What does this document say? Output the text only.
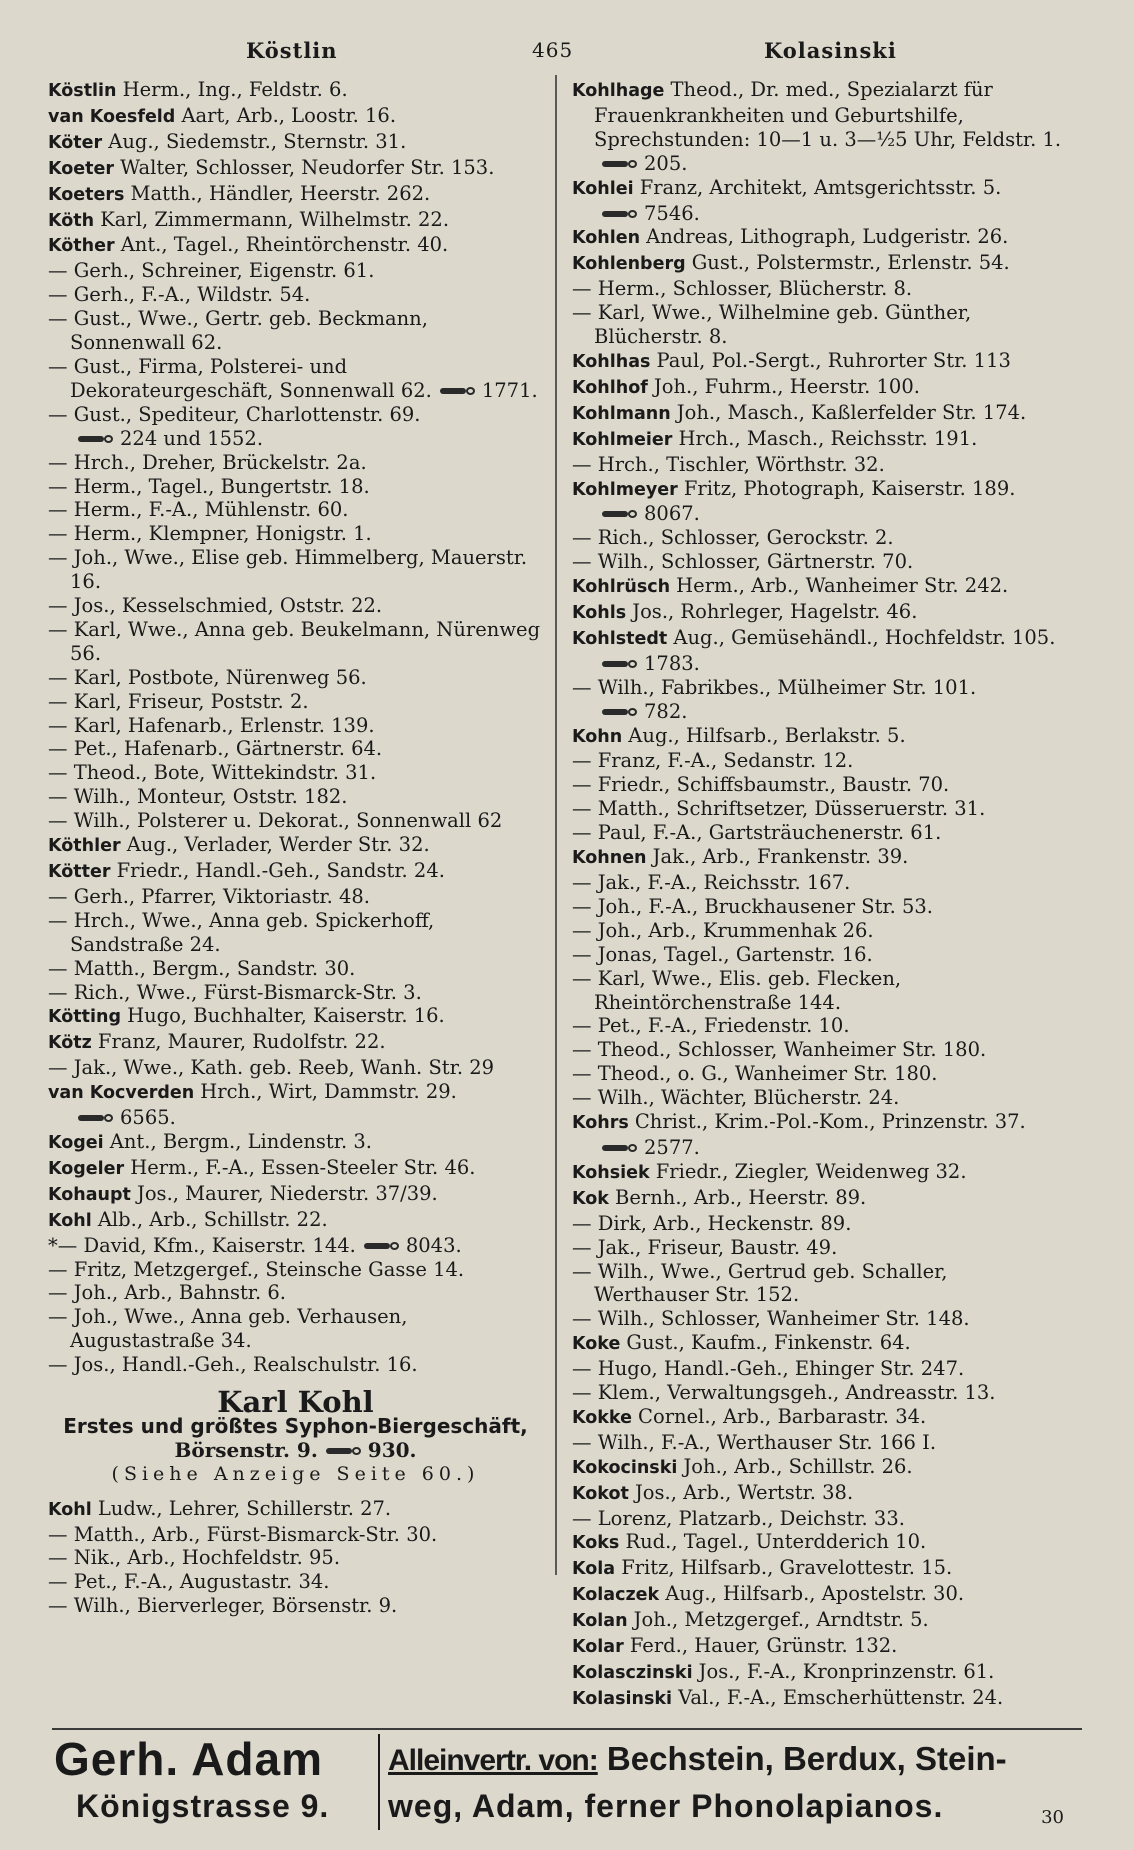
Köstlin	465	Kolasinski
Köstlin Herm., Ing., Feldstr. 6.
van Koesfeld Aart, Arb., Loostr. 16.
Köter Aug., Siedemstr., Sternstr. 31.
Koeter Walter, Schlosser, Neudorfer Str. 153.
Koeters Matth., Händler, Heerstr. 262.
Köth Karl, Zimmermann, Wilhelmstr. 22.
Köther Ant., Tagel., Rheintörchenstr. 40.
— Gerh., Schreiner, Eigenstr. 61.
— Gerh., F.-A., Wildstr. 54.
— Gust., Wwe., Gertr. geb. Beckmann, Sonnenwall 62.
— Gust., Firma, Polsterei- und Dekorateurgeschäft, Sonnenwall 62.	1771.
— Gust., Spediteur, Charlottenstr. 69.
224 und 1552.
— Hrch., Dreher, Brückelstr. 2a.
— Herm., Tagel., Bungertstr. 18.
— Herm., F.-A., Mühlenstr. 60.
— Herm., Klempner, Honigstr. 1.
— Joh., Wwe., Elise geb. Himmelberg, Mauerstr. 16.
— Jos., Kesselschmied, Oststr. 22.
— Karl, Wwe., Anna geb. Beukelmann, Nürenweg 56.
— Karl, Postbote, Nürenweg 56.
— Karl, Friseur, Poststr. 2.
— Karl, Hafenarb., Erlenstr. 139.
— Pet., Hafenarb., Gärtnerstr. 64.
— Theod., Bote, Wittekindstr. 31.
— Wilh., Monteur, Oststr. 182.
— Wilh., Polsterer u. Dekorat., Sonnenwall 62
Köthler Aug., Verlader, Werder Str. 32.
Kötter Friedr., Handl.-Geh., Sandstr. 24.
— Gerh., Pfarrer, Viktoriastr. 48.
— Hrch., Wwe., Anna geb. Spickerhoff, Sandstraße 24.
— Matth., Bergm., Sandstr. 30.
— Rich., Wwe., Fürst-Bismarck-Str. 3.
Kötting Hugo, Buchhalter, Kaiserstr. 16.
Kötz Franz, Maurer, Rudolfstr. 22.
— Jak., Wwe., Kath. geb. Reeb, Wanh. Str. 29
van Kocverden Hrch., Wirt, Dammstr. 29.
6565.
Kogei Ant., Bergm., Lindenstr. 3.
Kogeler Herm., F.-A., Essen-Steeler Str. 46.
Kohaupt Jos., Maurer, Niederstr. 37/39.
Kohl Alb., Arb., Schillstr. 22.
*— David, Kfm., Kaiserstr. 144.	8043.
— Fritz, Metzgergef., Steinsche Gasse 14.
— Joh., Arb., Bahnstr. 6.
— Joh., Wwe., Anna geb. Verhausen, Augustastraße 34.
— Jos., Handl.-Geh., Realschulstr. 16.
Karl Kohl
Erstes und größtes Syphon-Biergeschäft,
Börsenstr. 9.	930.
(Siehe Anzeige Seite 60.)
Kohl Ludw., Lehrer, Schillerstr. 27.
— Matth., Arb., Fürst-Bismarck-Str. 30.
— Nik., Arb., Hochfeldstr. 95.
— Pet., F.-A., Augustastr. 34.
— Wilh., Bierverleger, Börsenstr. 9.
Kohlhage Theod., Dr. med., Spezialarzt für Frauenkrankheiten und Geburtshilfe, Sprechstunden: 10—1 u. 3—½5 Uhr, Feldstr. 1.205.
Kohlei Franz, Architekt, Amtsgerichtsstr. 5.
7546.
Kohlen Andreas, Lithograph, Ludgeristr. 26.
Kohlenberg Gust., Polstermstr., Erlenstr. 54.
— Herm., Schlosser, Blücherstr. 8.
— Karl, Wwe., Wilhelmine geb. Günther, Blücherstr. 8.
Kohlhas Paul, Pol.-Sergt., Ruhrorter Str. 113
Kohlhof Joh., Fuhrm., Heerstr. 100.
Kohlmann Joh., Masch., Kaßlerfelder Str. 174.
Kohlmeier Hrch., Masch., Reichsstr. 191.
— Hrch., Tischler, Wörthstr. 32.
Kohlmeyer Fritz, Photograph, Kaiserstr. 189.
8067.
— Rich., Schlosser, Gerockstr. 2.
— Wilh., Schlosser, Gärtnerstr. 70.
Kohlrüsch Herm., Arb., Wanheimer Str. 242.
Kohls Jos., Rohrleger, Hagelstr. 46.
Kohlstedt Aug., Gemüsehändl., Hochfeldstr. 105.
1783.
— Wilh., Fabrikbes., Mülheimer Str. 101.
782.
Kohn Aug., Hilfsarb., Berlakstr. 5.
— Franz, F.-A., Sedanstr. 12.
— Friedr., Schiffsbaumstr., Baustr. 70.
— Matth., Schriftsetzer, Düsseruerstr. 31.
— Paul, F.-A., Gartsträuchenerstr. 61.
Kohnen Jak., Arb., Frankenstr. 39.
— Jak., F.-A., Reichsstr. 167.
— Joh., F.-A., Bruckhausener Str. 53.
— Joh., Arb., Krummenhak 26.
— Jonas, Tagel., Gartenstr. 16.
— Karl, Wwe., Elis. geb. Flecken, Rheintörchenstraße 144.
— Pet., F.-A., Friedenstr. 10.
— Theod., Schlosser, Wanheimer Str. 180.
— Theod., o. G., Wanheimer Str. 180.
— Wilh., Wächter, Blücherstr. 24.
Kohrs Christ., Krim.-Pol.-Kom., Prinzenstr. 37.
2577.
Kohsiek Friedr., Ziegler, Weidenweg 32.
Kok Bernh., Arb., Heerstr. 89.
— Dirk, Arb., Heckenstr. 89.
— Jak., Friseur, Baustr. 49.
— Wilh., Wwe., Gertrud geb. Schaller, Werthauser Str. 152.
— Wilh., Schlosser, Wanheimer Str. 148.
Koke Gust., Kaufm., Finkenstr. 64.
— Hugo, Handl.-Geh., Ehinger Str. 247.
— Klem., Verwaltungsgeh., Andreasstr. 13.
Kokke Cornel., Arb., Barbarastr. 34.
— Wilh., F.-A., Werthauser Str. 166 I.
Kokocinski Joh., Arb., Schillstr. 26.
Kokot Jos., Arb., Wertstr. 38.
— Lorenz, Platzarb., Deichstr. 33.
Koks Rud., Tagel., Unterdderich 10.
Kola Fritz, Hilfsarb., Gravelottestr. 15.
Kolaczek Aug., Hilfsarb., Apostelstr. 30.
Kolan Joh., Metzgergef., Arndtstr. 5.
Kolar Ferd., Hauer, Grünstr. 132.
Kolasczinski Jos., F.-A., Kronprinzenstr. 61.
Kolasinski Val., F.-A., Emscherhüttenstr. 24.
Gerh. Adam
Königstrasse 9.
Alleinvertr. von: Bechstein, Berdux, Stein-
weg, Adam, ferner Phonolapianos.	30
